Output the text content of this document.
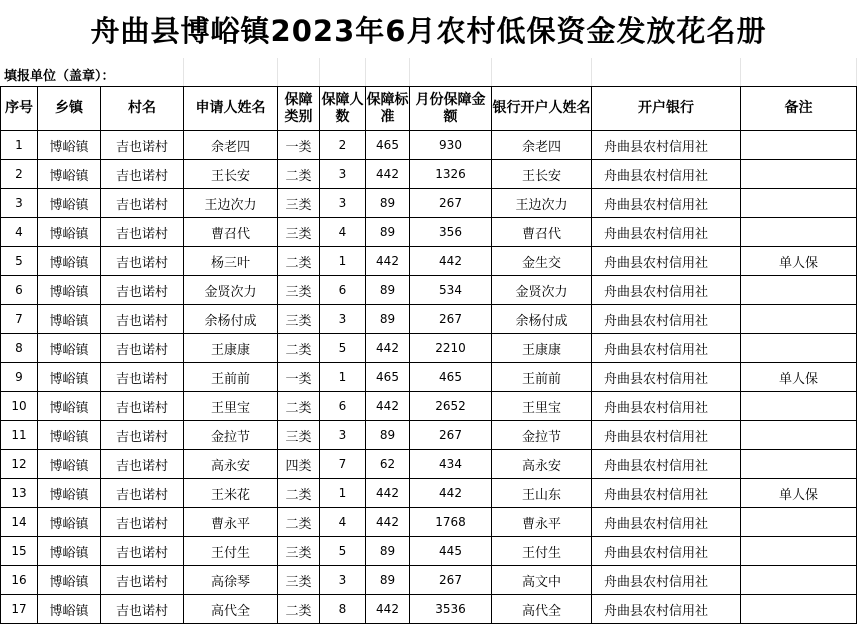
舟曲县博峪镇2023年6月农村低保资金发放花名册
填报单位（盖章）：
序号	乡镇	村名	申请人姓名	保障类别	保障人数	保障标准	月份保障金额	银行开户人姓名	开户银行	备注
1	博峪镇	吉也诺村	余老四	一类	2	465	930	余老四	舟曲县农村信用社	
2	博峪镇	吉也诺村	王长安	二类	3	442	1326	王长安	舟曲县农村信用社	
3	博峪镇	吉也诺村	王边次力	三类	3	89	267	王边次力	舟曲县农村信用社	
4	博峪镇	吉也诺村	曹召代	三类	4	89	356	曹召代	舟曲县农村信用社	
5	博峪镇	吉也诺村	杨三叶	二类	1	442	442	金生交	舟曲县农村信用社	单人保
6	博峪镇	吉也诺村	金贤次力	三类	6	89	534	金贤次力	舟曲县农村信用社	
7	博峪镇	吉也诺村	余杨付成	三类	3	89	267	余杨付成	舟曲县农村信用社	
8	博峪镇	吉也诺村	王康康	二类	5	442	2210	王康康	舟曲县农村信用社	
9	博峪镇	吉也诺村	王前前	一类	1	465	465	王前前	舟曲县农村信用社	单人保
10	博峪镇	吉也诺村	王里宝	二类	6	442	2652	王里宝	舟曲县农村信用社	
11	博峪镇	吉也诺村	金拉节	三类	3	89	267	金拉节	舟曲县农村信用社	
12	博峪镇	吉也诺村	高永安	四类	7	62	434	高永安	舟曲县农村信用社	
13	博峪镇	吉也诺村	王米花	二类	1	442	442	王山东	舟曲县农村信用社	单人保
14	博峪镇	吉也诺村	曹永平	二类	4	442	1768	曹永平	舟曲县农村信用社	
15	博峪镇	吉也诺村	王付生	三类	5	89	445	王付生	舟曲县农村信用社	
16	博峪镇	吉也诺村	高徐琴	三类	3	89	267	高文中	舟曲县农村信用社	
17	博峪镇	吉也诺村	高代全	二类	8	442	3536	高代全	舟曲县农村信用社	
